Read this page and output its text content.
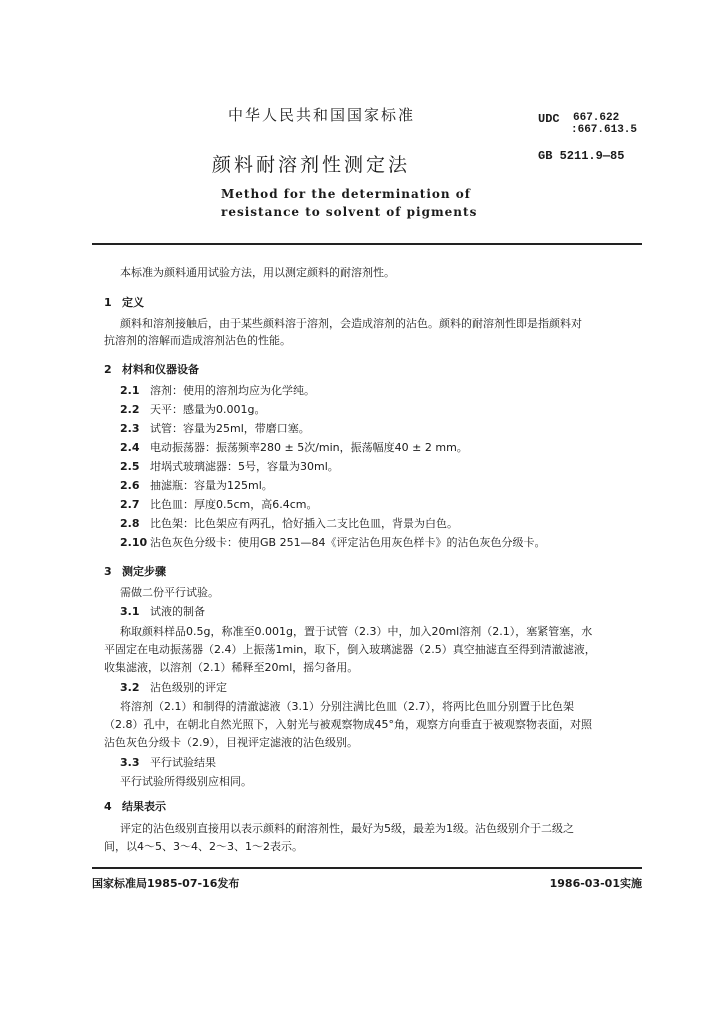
中华人民共和国国家标准	UDC 667.622
:667.613.5
颜料耐溶剂性测定法	GB 5211.9—85
Method for the determination of
resistance to solvent of pigments
本标准为颜料通用试验方法，用以测定颜料的耐溶剂性。
1 定义
颜料和溶剂接触后，由于某些颜料溶于溶剂，会造成溶剂的沾色。颜料的耐溶剂性即是指颜料对
抗溶剂的溶解而造成溶剂沾色的性能。
2 材料和仪器设备
2.1 溶剂：使用的溶剂均应为化学纯。
2.2 天平：感量为0.001g。
2.3 试管：容量为25ml，带磨口塞。
2.4 电动振荡器：振荡频率280 ± 5次/min，振荡幅度40 ± 2 mm。
2.5 坩埚式玻璃滤器：5号，容量为30ml。
2.6 抽滤瓶：容量为125ml。
2.7 比色皿：厚度0.5cm，高6.4cm。
2.8 比色架：比色架应有两孔，恰好插入二支比色皿，背景为白色。
2.10 沾色灰色分级卡：使用GB 251—84《评定沾色用灰色样卡》的沾色灰色分级卡。
3 测定步骤
需做二份平行试验。
3.1 试液的制备
称取颜料样品0.5g，称准至0.001g，置于试管（2.3）中，加入20ml溶剂（2.1），塞紧管塞，水
平固定在电动振荡器（2.4）上振荡1min，取下，倒入玻璃滤器（2.5）真空抽滤直至得到清澈滤液，
收集滤液，以溶剂（2.1）稀释至20ml，摇匀备用。
3.2 沾色级别的评定
将溶剂（2.1）和制得的清澈滤液（3.1）分别注满比色皿（2.7），将两比色皿分别置于比色架
（2.8）孔中，在朝北自然光照下，入射光与被观察物成45°角，观察方向垂直于被观察物表面，对照
沾色灰色分级卡（2.9），目视评定滤液的沾色级别。
3.3 平行试验结果
平行试验所得级别应相同。
4 结果表示
评定的沾色级别直接用以表示颜料的耐溶剂性，最好为5级，最差为1级。沾色级别介于二级之
间，以4～5、3～4、2～3、1～2表示。
国家标准局1985-07-16发布	1986-03-01实施
